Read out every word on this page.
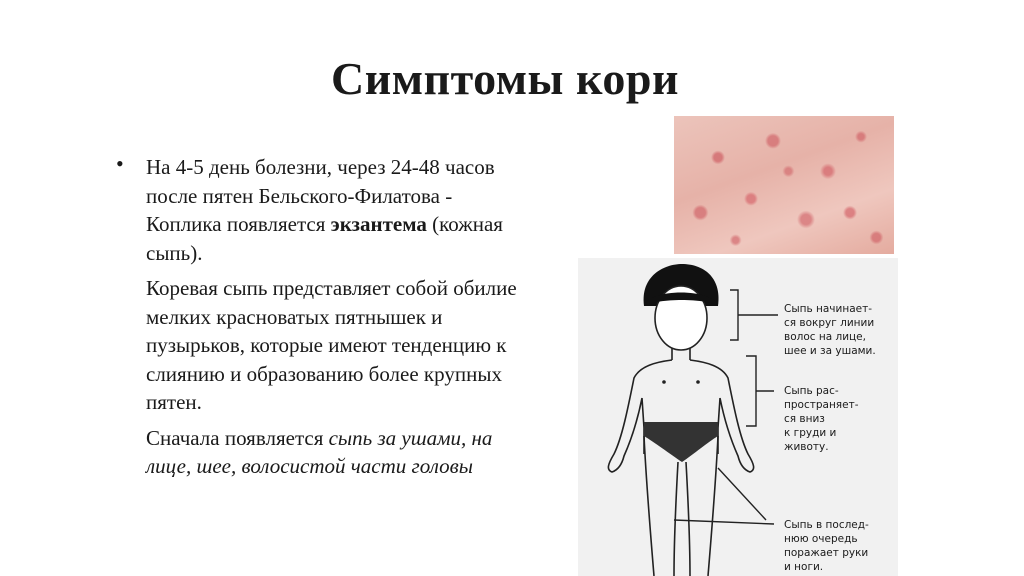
Симптомы кори
• На 4-5 день болезни, через 24-48 часов после пятен Бельского-Филатова - Коплика появляется экзантема (кожная сыпь).

Коревая сыпь представляет собой обилие мелких красноватых пятнышек и пузырьков, которые имеют тенденцию к слиянию и образованию более крупных пятен.

Сначала появляется сыпь за ушами, на лице, шее, волосистой части головы

Сыпь начинает-
ся вокруг линии
волос на лице,
шее и за ушами.
Сыпь рас-
пространяет-
ся вниз
к груди и
животу.
Сыпь в послед-
нюю очередь
поражает руки
и ноги.
